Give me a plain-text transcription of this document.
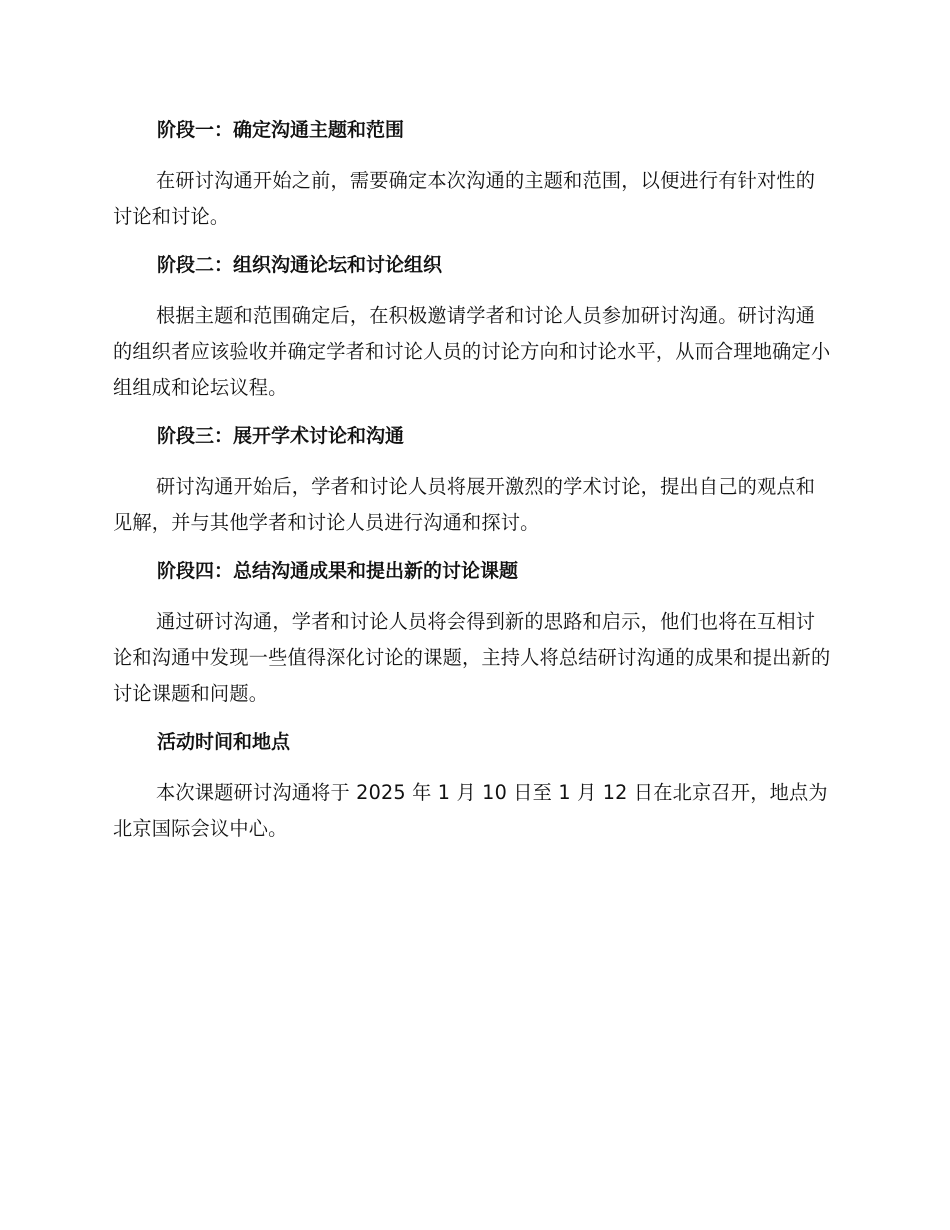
阶段一：确定沟通主题和范围

在研讨沟通开始之前，需要确定本次沟通的主题和范围，以便进行有针对性的讨论和讨论。

阶段二：组织沟通论坛和讨论组织

根据主题和范围确定后，在积极邀请学者和讨论人员参加研讨沟通。研讨沟通的组织者应该验收并确定学者和讨论人员的讨论方向和讨论水平，从而合理地确定小组组成和论坛议程。

阶段三：展开学术讨论和沟通

研讨沟通开始后，学者和讨论人员将展开激烈的学术讨论，提出自己的观点和见解，并与其他学者和讨论人员进行沟通和探讨。

阶段四：总结沟通成果和提出新的讨论课题

通过研讨沟通，学者和讨论人员将会得到新的思路和启示，他们也将在互相讨论和沟通中发现一些值得深化讨论的课题，主持人将总结研讨沟通的成果和提出新的讨论课题和问题。

活动时间和地点

本次课题研讨沟通将于 2025 年 1 月 10 日至 1 月 12 日在北京召开，地点为北京国际会议中心。
